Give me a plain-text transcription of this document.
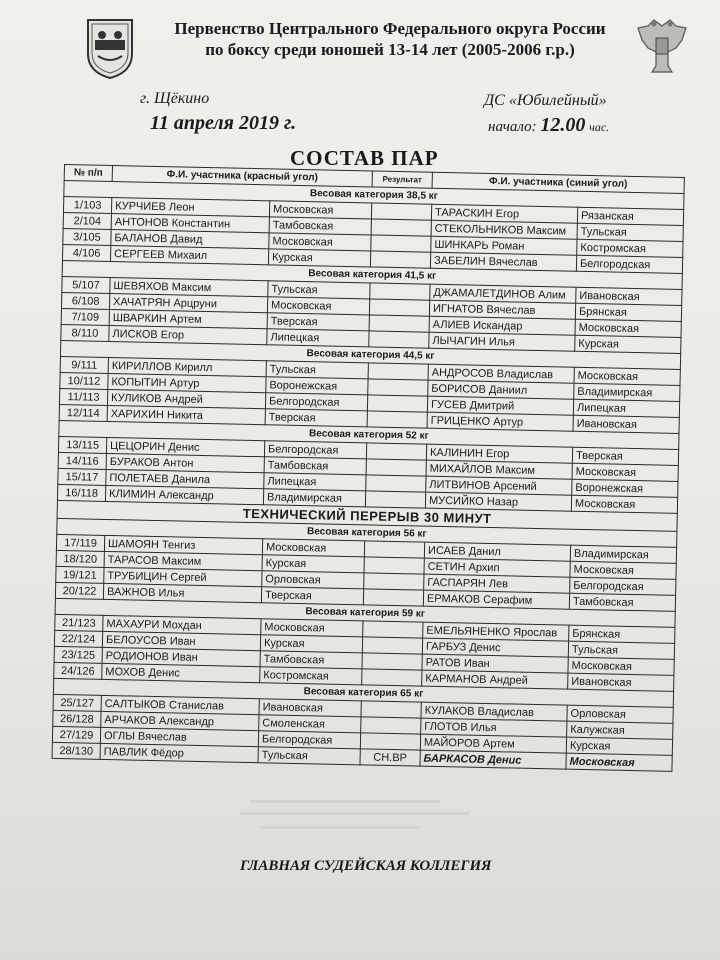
Первенство Центрального Федерального округа России
по боксу среди юношей 13-14 лет (2005-2006 г.р.)
г. Щёкино
11 апреля 2019 г.
ДС «Юбилейный»
начало: 12.00 час.
СОСТАВ ПАР
№ п/п	Ф.И. участника (красный угол)		Результат	Ф.И. участника (синий угол)	
Весовая категория 38,5 кг					
1/103	КУРЧИЕВ Леон	Московская		ТАРАСКИН Егор	Рязанская
2/104	АНТОНОВ Константин	Тамбовская		СТЕКОЛЬНИКОВ Максим	Тульская
3/105	БАЛАНОВ Давид	Московская		ШИНКАРЬ Роман	Костромская
4/106	СЕРГЕЕВ Михаил	Курская		ЗАБЕЛИН Вячеслав	Белгородская
Весовая категория 41,5 кг					
5/107	ШЕВЯХОВ Максим	Тульская		ДЖАМАЛЕТДИНОВ Алим	Ивановская
6/108	ХАЧАТРЯН Арцруни	Московская		ИГНАТОВ Вячеслав	Брянская
7/109	ШВАРКИН Артем	Тверская		АЛИЕВ Искандар	Московская
8/110	ЛИСКОВ Егор	Липецкая		ЛЫЧАГИН Илья	Курская
Весовая категория 44,5 кг					
9/111	КИРИЛЛОВ Кирилл	Тульская		АНДРОСОВ Владислав	Московская
10/112	КОПЫТИН Артур	Воронежская		БОРИСОВ Даниил	Владимирская
11/113	КУЛИКОВ Андрей	Белгородская		ГУСЕВ Дмитрий	Липецкая
12/114	ХАРИХИН Никита	Тверская		ГРИЦЕНКО Артур	Ивановская
Весовая категория 52 кг					
13/115	ЦЕЦОРИН Денис	Белгородская		КАЛИНИН Егор	Тверская
14/116	БУРАКОВ Антон	Тамбовская		МИХАЙЛОВ Максим	Московская
15/117	ПОЛЕТАЕВ Данила	Липецкая		ЛИТВИНОВ Арсений	Воронежская
16/118	КЛИМИН Александр	Владимирская		МУСИЙКО Назар	Московская
ТЕХНИЧЕСКИЙ ПЕРЕРЫВ 30 МИНУТ					
Весовая категория 56 кг					
17/119	ШАМОЯН Тенгиз	Московская		ИСАЕВ Данил	Владимирская
18/120	ТАРАСОВ Максим	Курская		СЕТИН Архип	Московская
19/121	ТРУБИЦИН Сергей	Орловская		ГАСПАРЯН Лев	Белгородская
20/122	ВАЖНОВ Илья	Тверская		ЕРМАКОВ Серафим	Тамбовская
Весовая категория 59 кг					
21/123	МАХАУРИ Мохдан	Московская		ЕМЕЛЬЯНЕНКО Ярослав	Брянская
22/124	БЕЛОУСОВ Иван	Курская		ГАРБУЗ Денис	Тульская
23/125	РОДИОНОВ Иван	Тамбовская		РАТОВ Иван	Московская
24/126	МОХОВ Денис	Костромская		КАРМАНОВ Андрей	Ивановская
Весовая категория 65 кг					
25/127	САЛТЫКОВ Станислав	Ивановская		КУЛАКОВ Владислав	Орловская
26/128	АРЧАКОВ Александр	Смоленская		ГЛОТОВ Илья	Калужская
27/129	ОГЛЫ Вячеслав	Белгородская		МАЙОРОВ Артем	Курская
28/130	ПАВЛИК Фёдор	Тульская	СН.ВР	БАРКАСОВ Денис	Московская
ГЛАВНАЯ СУДЕЙСКАЯ КОЛЛЕГИЯ
